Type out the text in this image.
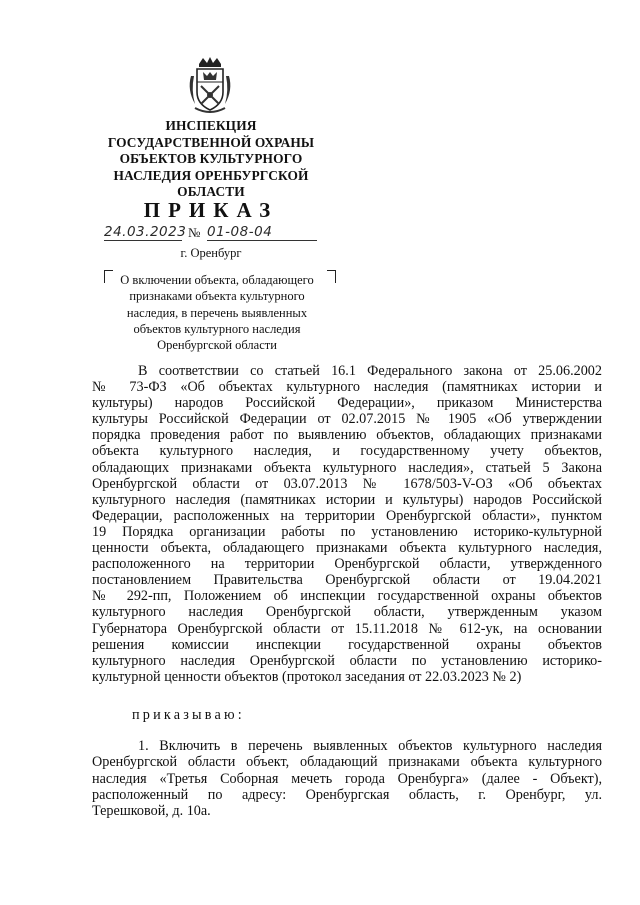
ИНСПЕКЦИЯ
ГОСУДАРСТВЕННОЙ ОХРАНЫ
ОБЪЕКТОВ КУЛЬТУРНОГО
НАСЛЕДИЯ ОРЕНБУРГСКОЙ
ОБЛАСТИ
ПРИКАЗ
24.03.2023 № 01-08-04
г. Оренбург
О включении объекта, обладающего
признаками объекта культурного
наследия, в перечень выявленных
объектов культурного наследия
Оренбургской области
В соответствии со статьей 16.1 Федерального закона от 25.06.2002
№ 73-ФЗ «Об объектах культурного наследия (памятниках истории и
культуры) народов Российской Федерации», приказом Министерства
культуры Российской Федерации от 02.07.2015 № 1905 «Об утверждении
порядка проведения работ по выявлению объектов, обладающих признаками
объекта культурного наследия, и государственному учету объектов,
обладающих признаками объекта культурного наследия», статьей 5 Закона
Оренбургской области от 03.07.2013 № 1678/503-V-ОЗ «Об объектах
культурного наследия (памятниках истории и культуры) народов Российской
Федерации, расположенных на территории Оренбургской области», пунктом
19 Порядка организации работы по установлению историко-культурной
ценности объекта, обладающего признаками объекта культурного наследия,
расположенного на территории Оренбургской области, утвержденного
постановлением Правительства Оренбургской области от 19.04.2021
№ 292-пп, Положением об инспекции государственной охраны объектов
культурного наследия Оренбургской области, утвержденным указом
Губернатора Оренбургской области от 15.11.2018 № 612-ук, на основании
решения комиссии инспекции государственной охраны объектов
культурного наследия Оренбургской области по установлению историко-
культурной ценности объектов (протокол заседания от 22.03.2023 № 2)
приказываю:
1. Включить в перечень выявленных объектов культурного наследия
Оренбургской области объект, обладающий признаками объекта культурного
наследия «Третья Соборная мечеть города Оренбурга» (далее - Объект),
расположенный по адресу: Оренбургская область, г. Оренбург, ул.
Терешковой, д. 10а.
